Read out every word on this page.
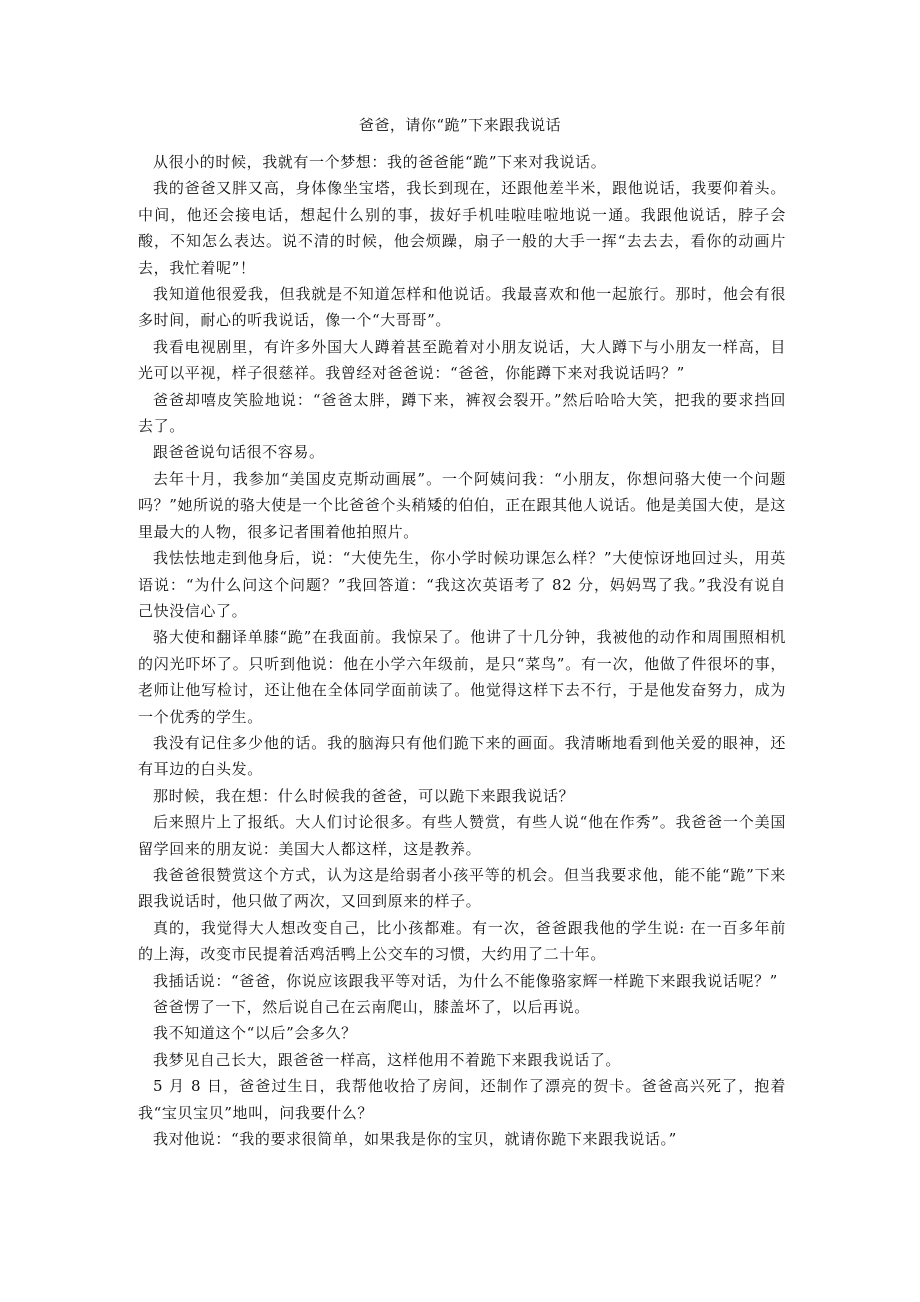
爸爸，请你“跪”下来跟我说话

从很小的时候，我就有一个梦想：我的爸爸能“跪”下来对我说话。

我的爸爸又胖又高，身体像坐宝塔，我长到现在，还跟他差半米，跟他说话，我要仰着头。中间，他还会接电话，想起什么别的事，拔好手机哇啦哇啦地说一通。我跟他说话，脖子会酸，不知怎么表达。说不清的时候，他会烦躁，扇子一般的大手一挥“去去去，看你的动画片去，我忙着呢”！

我知道他很爱我，但我就是不知道怎样和他说话。我最喜欢和他一起旅行。那时，他会有很多时间，耐心的听我说话，像一个“大哥哥”。

我看电视剧里，有许多外国大人蹲着甚至跪着对小朋友说话，大人蹲下与小朋友一样高，目光可以平视，样子很慈祥。我曾经对爸爸说：“爸爸，你能蹲下来对我说话吗？”

爸爸却嘻皮笑脸地说：“爸爸太胖，蹲下来，裤衩会裂开。”然后哈哈大笑，把我的要求挡回去了。

跟爸爸说句话很不容易。

去年十月，我参加“美国皮克斯动画展”。一个阿姨问我：“小朋友，你想问骆大使一个问题吗？”她所说的骆大使是一个比爸爸个头稍矮的伯伯，正在跟其他人说话。他是美国大使，是这里最大的人物，很多记者围着他拍照片。

我怯怯地走到他身后，说：“大使先生，你小学时候功课怎么样？”大使惊讶地回过头，用英语说：“为什么问这个问题？”我回答道：“我这次英语考了 82 分，妈妈骂了我。”我没有说自己快没信心了。

骆大使和翻译单膝“跪”在我面前。我惊呆了。他讲了十几分钟，我被他的动作和周围照相机的闪光吓坏了。只听到他说：他在小学六年级前，是只“菜鸟”。有一次，他做了件很坏的事，老师让他写检讨，还让他在全体同学面前读了。他觉得这样下去不行，于是他发奋努力，成为一个优秀的学生。

我没有记住多少他的话。我的脑海只有他们跪下来的画面。我清晰地看到他关爱的眼神，还有耳边的白头发。

那时候，我在想：什么时候我的爸爸，可以跪下来跟我说话？

后来照片上了报纸。大人们讨论很多。有些人赞赏，有些人说“他在作秀”。我爸爸一个美国留学回来的朋友说：美国大人都这样，这是教养。

我爸爸很赞赏这个方式，认为这是给弱者小孩平等的机会。但当我要求他，能不能“跪”下来跟我说话时，他只做了两次，又回到原来的样子。

真的，我觉得大人想改变自己，比小孩都难。有一次，爸爸跟我他的学生说: 在一百多年前的上海，改变市民提着活鸡活鸭上公交车的习惯，大约用了二十年。

我插话说：“爸爸，你说应该跟我平等对话，为什么不能像骆家辉一样跪下来跟我说话呢？”

爸爸愣了一下，然后说自己在云南爬山，膝盖坏了，以后再说。

我不知道这个“以后”会多久？

我梦见自己长大，跟爸爸一样高，这样他用不着跪下来跟我说话了。

5 月 8 日，爸爸过生日，我帮他收拾了房间，还制作了漂亮的贺卡。爸爸高兴死了，抱着我“宝贝宝贝”地叫，问我要什么？

我对他说：“我的要求很简单，如果我是你的宝贝，就请你跪下来跟我说话。”
